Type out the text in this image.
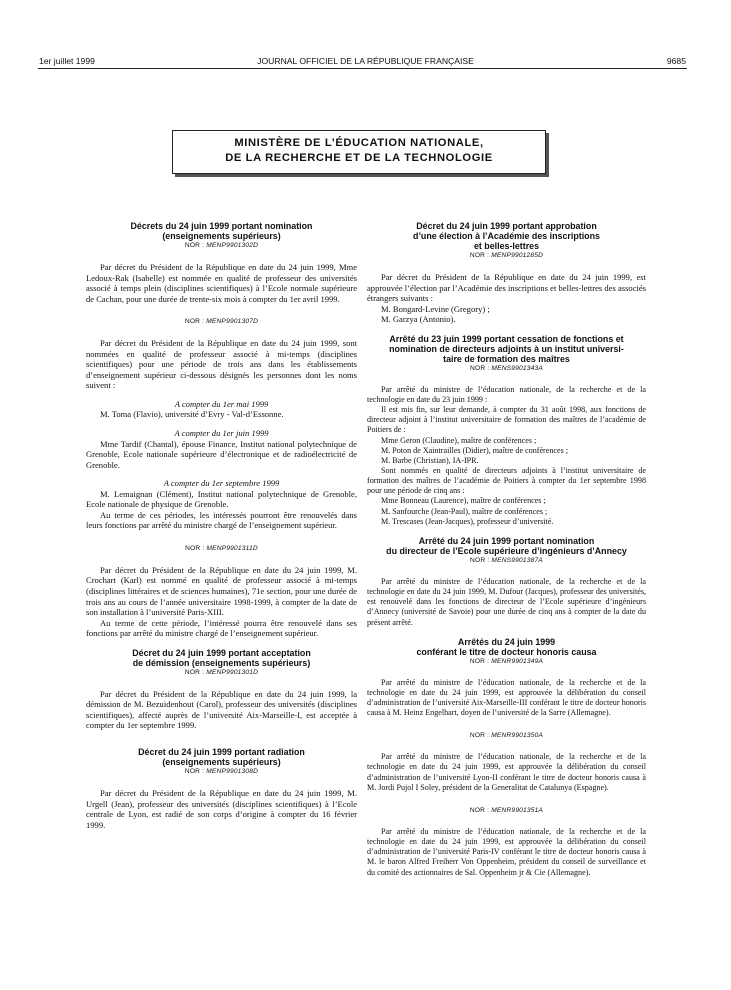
1er juillet 1999	JOURNAL OFFICIEL DE LA RÉPUBLIQUE FRANÇAISE	9685
MINISTÈRE DE L’ÉDUCATION NATIONALE,
DE LA RECHERCHE ET DE LA TECHNOLOGIE
Décrets du 24 juin 1999 portant nomination
(enseignements supérieurs)
NOR : MENP9901302D

Par décret du Président de la République en date du 24 juin 1999, Mme Ledoux-Rak (Isabelle) est nommée en qualité de professeur des universités associé à temps plein (disciplines scientifiques) à l’Ecole normale supérieure de Cachan, pour une durée de trente-six mois à compter du 1er avril 1999.

NOR : MENP9901307D

Par décret du Président de la République en date du 24 juin 1999, sont nommées en qualité de professeur associé à mi-temps (disciplines scientifiques) pour une période de trois ans dans les établissements d’enseignement supérieur ci-dessous désignés les personnes dont les noms suivent :

A compter du 1er mai 1999

M. Toma (Flavio), université d’Evry - Val-d’Essonne.

A compter du 1er juin 1999

Mme Tardif (Chantal), épouse Finance, Institut national polytechnique de Grenoble, Ecole nationale supérieure d’électronique et de radioélectricité de Grenoble.

A compter du 1er septembre 1999

M. Lemaignan (Clément), Institut national polytechnique de Grenoble, Ecole nationale de physique de Grenoble.

Au terme de ces périodes, les intéressés pourront être renouvelés dans leurs fonctions par arrêté du ministre chargé de l’enseignement supérieur.

NOR : MENP9901311D

Par décret du Président de la République en date du 24 juin 1999, M. Crochart (Karl) est nommé en qualité de professeur associé à mi-temps (disciplines littéraires et de sciences humaines), 71e section, pour une durée de trois ans au cours de l’année universitaire 1998-1999, à compter de la date de son installation à l’université Paris-XIII.

Au terme de cette période, l’intéressé pourra être renouvelé dans ses fonctions par arrêté du ministre chargé de l’enseignement supérieur.

Décret du 24 juin 1999 portant acceptation
de démission (enseignements supérieurs)
NOR : MENP9901301D

Par décret du Président de la République en date du 24 juin 1999, la démission de M. Bezuidenhout (Carol), professeur des universités (disciplines scientifiques), affecté auprès de l’université Aix-Marseille-I, est acceptée à compter du 1er septembre 1999.

Décret du 24 juin 1999 portant radiation
(enseignements supérieurs)
NOR : MENP9901308D

Par décret du Président de la République en date du 24 juin 1999, M. Urgell (Jean), professeur des universités (disciplines scientifiques) à l’Ecole centrale de Lyon, est radié de son corps d’origine à compter du 16 février 1999.

Décret du 24 juin 1999 portant approbation
d’une élection à l’Académie des inscriptions
et belles-lettres
NOR : MENP9901285D

Par décret du Président de la République en date du 24 juin 1999, est approuvée l’élection par l’Académie des inscriptions et belles-lettres des associés étrangers suivants :

M. Bongard-Levine (Gregory) ;

M. Garzya (Antonio).

Arrêté du 23 juin 1999 portant cessation de fonctions et
nomination de directeurs adjoints à un institut universi-
taire de formation des maîtres
NOR : MENS9901343A

Par arrêté du ministre de l’éducation nationale, de la recherche et de la technologie en date du 23 juin 1999 :

Il est mis fin, sur leur demande, à compter du 31 août 1998, aux fonctions de directeur adjoint à l’institut universitaire de formation des maîtres de l’académie de Poitiers de :

Mme Geron (Claudine), maître de conférences ;

M. Poton de Xaintrailles (Didier), maître de conférences ;

M. Barbe (Christian), IA-IPR.

Sont nommés en qualité de directeurs adjoints à l’institut universitaire de formation des maîtres de l’académie de Poitiers à compter du 1er septembre 1998 pour une période de cinq ans :

Mme Bonneau (Laurence), maître de conférences ;

M. Sanfourche (Jean-Paul), maître de conférences ;

M. Trescases (Jean-Jacques), professeur d’université.

Arrêté du 24 juin 1999 portant nomination
du directeur de l’Ecole supérieure d’ingénieurs d’Annecy
NOR : MENS9901387A

Par arrêté du ministre de l’éducation nationale, de la recherche et de la technologie en date du 24 juin 1999, M. Dufour (Jacques), professeur des universités, est renouvelé dans les fonctions de directeur de l’Ecole supérieure d’ingénieurs d’Annecy (université de Savoie) pour une durée de cinq ans à compter de la date du présent arrêté.

Arrêtés du 24 juin 1999
conférant le titre de docteur honoris causa
NOR : MENR9901349A

Par arrêté du ministre de l’éducation nationale, de la recherche et de la technologie en date du 24 juin 1999, est approuvée la délibération du conseil d’administration de l’université Aix-Marseille-III conférant le titre de docteur honoris causa à M. Heinz Engelhart, doyen de l’université de la Sarre (Allemagne).

NOR : MENR9901350A

Par arrêté du ministre de l’éducation nationale, de la recherche et de la technologie en date du 24 juin 1999, est approuvée la délibération du conseil d’administration de l’université Lyon-II conférant le titre de docteur honoris causa à M. Jordi Pujol I Soley, président de la Generalitat de Catalunya (Espagne).

NOR : MENR9901351A

Par arrêté du ministre de l’éducation nationale, de la recherche et de la technologie en date du 24 juin 1999, est approuvée la délibération du conseil d’administration de l’université Paris-IV conférant le titre de docteur honoris causa à M. le baron Alfred Freiherr Von Oppenheim, président du conseil de surveillance et du comité des actionnaires de Sal. Oppenheim jr & Cie (Allemagne).
